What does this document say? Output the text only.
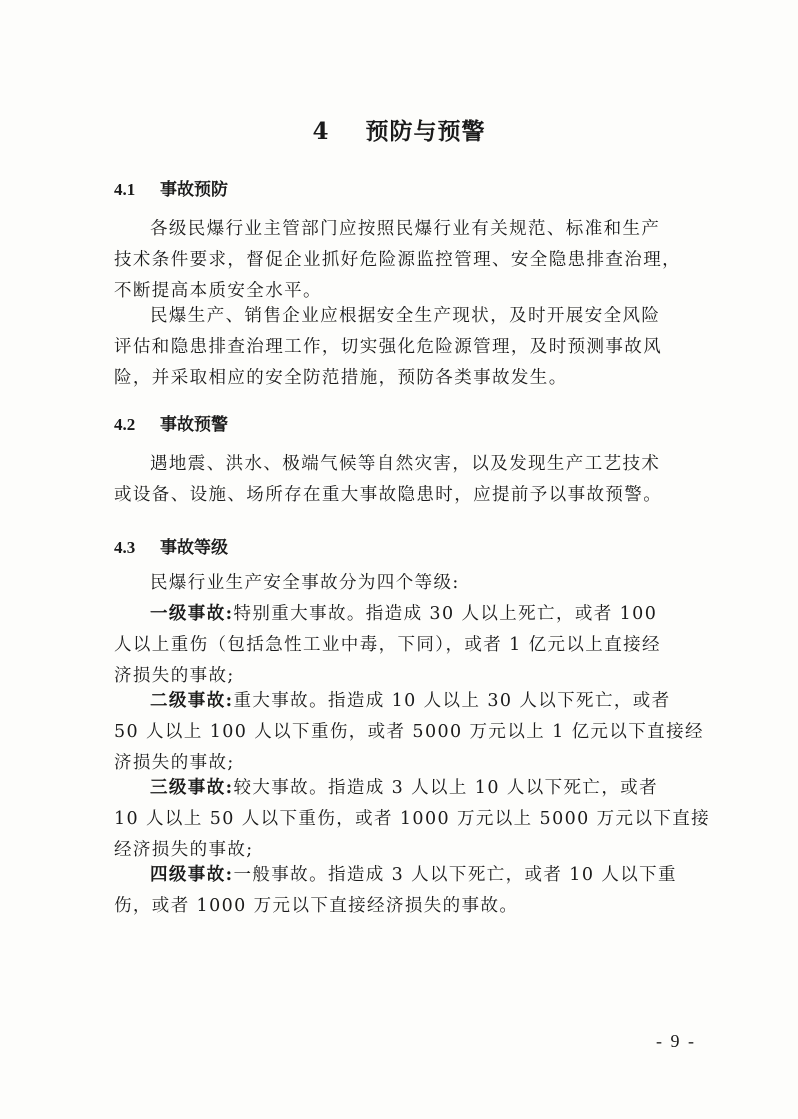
4 预防与预警
4.1 事故预防
各级民爆行业主管部门应按照民爆行业有关规范、标准和生产
技术条件要求，督促企业抓好危险源监控管理、安全隐患排查治理，
不断提高本质安全水平。
民爆生产、销售企业应根据安全生产现状，及时开展安全风险
评估和隐患排查治理工作，切实强化危险源管理，及时预测事故风
险，并采取相应的安全防范措施，预防各类事故发生。
4.2 事故预警
遇地震、洪水、极端气候等自然灾害，以及发现生产工艺技术
或设备、设施、场所存在重大事故隐患时，应提前予以事故预警。
4.3 事故等级
民爆行业生产安全事故分为四个等级:
一级事故:特别重大事故。指造成 30 人以上死亡，或者 100
人以上重伤（包括急性工业中毒，下同），或者 1 亿元以上直接经
济损失的事故;
二级事故:重大事故。指造成 10 人以上 30 人以下死亡，或者
50 人以上 100 人以下重伤，或者 5000 万元以上 1 亿元以下直接经
济损失的事故;
三级事故:较大事故。指造成 3 人以上 10 人以下死亡，或者
10 人以上 50 人以下重伤，或者 1000 万元以上 5000 万元以下直接
经济损失的事故;
四级事故:一般事故。指造成 3 人以下死亡，或者 10 人以下重
伤，或者 1000 万元以下直接经济损失的事故。
- 9 -
